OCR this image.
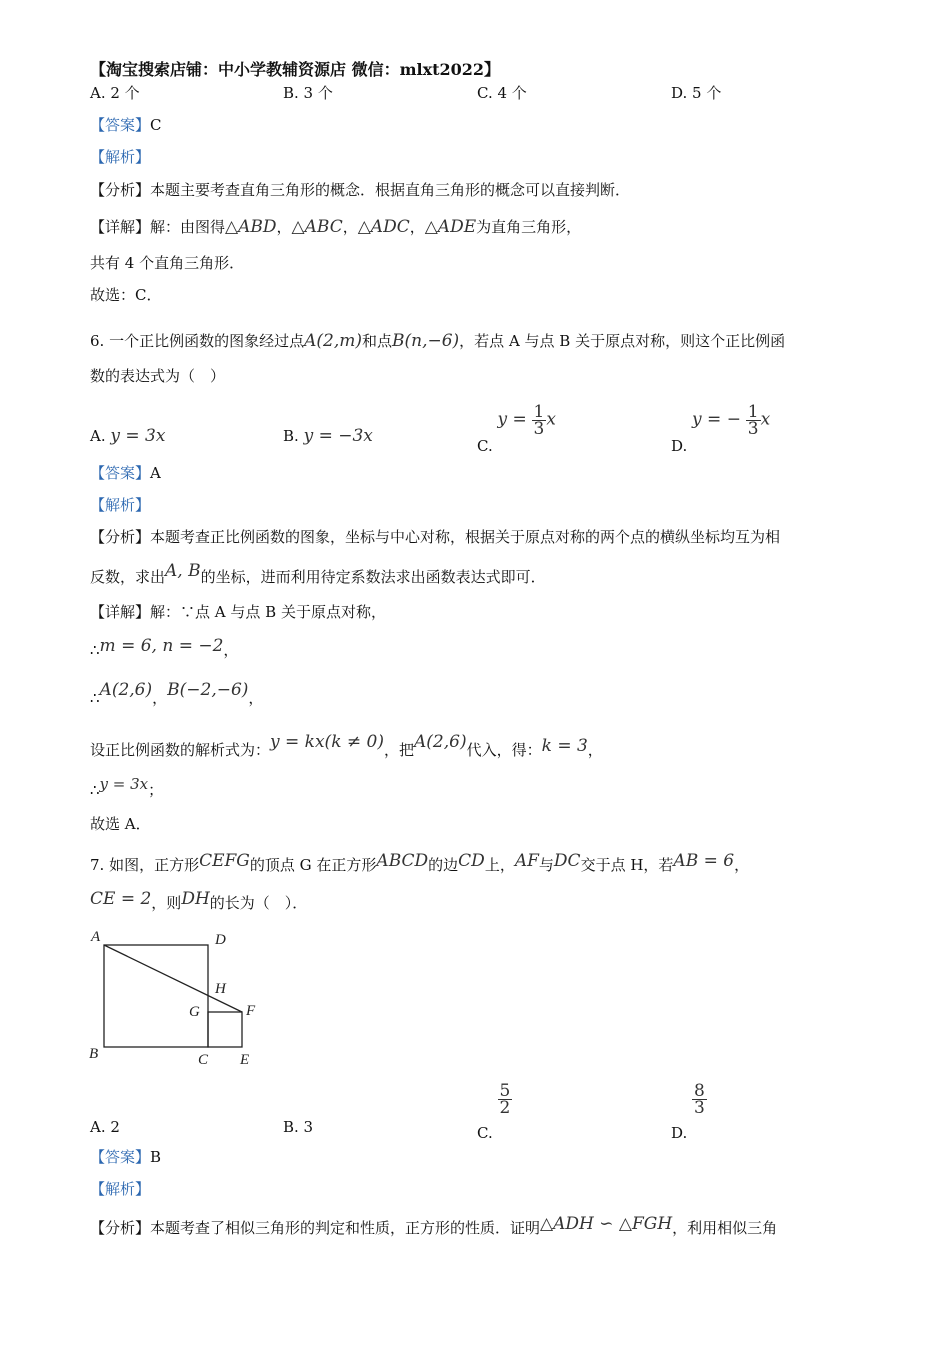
【淘宝搜索店铺：中小学教辅资源店 微信：mlxt2022】
A. 2 个	B. 3 个	C. 4 个	D. 5 个
【答案】C
【解析】
【分析】本题主要考查直角三角形的概念．根据直角三角形的概念可以直接判断．
【详解】解：由图得△ABD，△ABC，△ADC，△ADE为直角三角形，
共有 4 个直角三角形．
故选：C．
6. 一个正比例函数的图象经过点A(2,m)和点B(n,−6)，若点 A 与点 B 关于原点对称，则这个正比例函
数的表达式为（　）
A. y = 3x	B. y = −3x	C. $y = \frac{1}{3}$ x
D. y = − $\frac{1}{3}$ x
【答案】A
【解析】
【分析】本题考查正比例函数的图象，坐标与中心对称，根据关于原点对称的两个点的横纵坐标均互为相
反数，求出A, B的坐标，进而利用待定系数法求出函数表达式即可．
【详解】解：∵点 A 与点 B 关于原点对称，
∴m = 6, n = −2，
∴A(2,6)，B(−2,−6)，
设正比例函数的解析式为：y = kx(k ≠ 0)，把A(2,6)代入，得：k = 3，
∴y = 3x；
故选 A．
7. 如图，正方形CEFG的顶点 G 在正方形ABCD的边CD上，AF与DC交于点 H，若AB = 6，
CE = 2，则DH的长为（　）．
A	D
H
G	F
B	C E
A. 2	B. 3	C.
$\frac{5}{2}$
D.
$\frac{8}{3}$
【答案】B
【解析】
【分析】本题考查了相似三角形的判定和性质，正方形的性质．证明△ADH ∽ △FGH，利用相似三角
